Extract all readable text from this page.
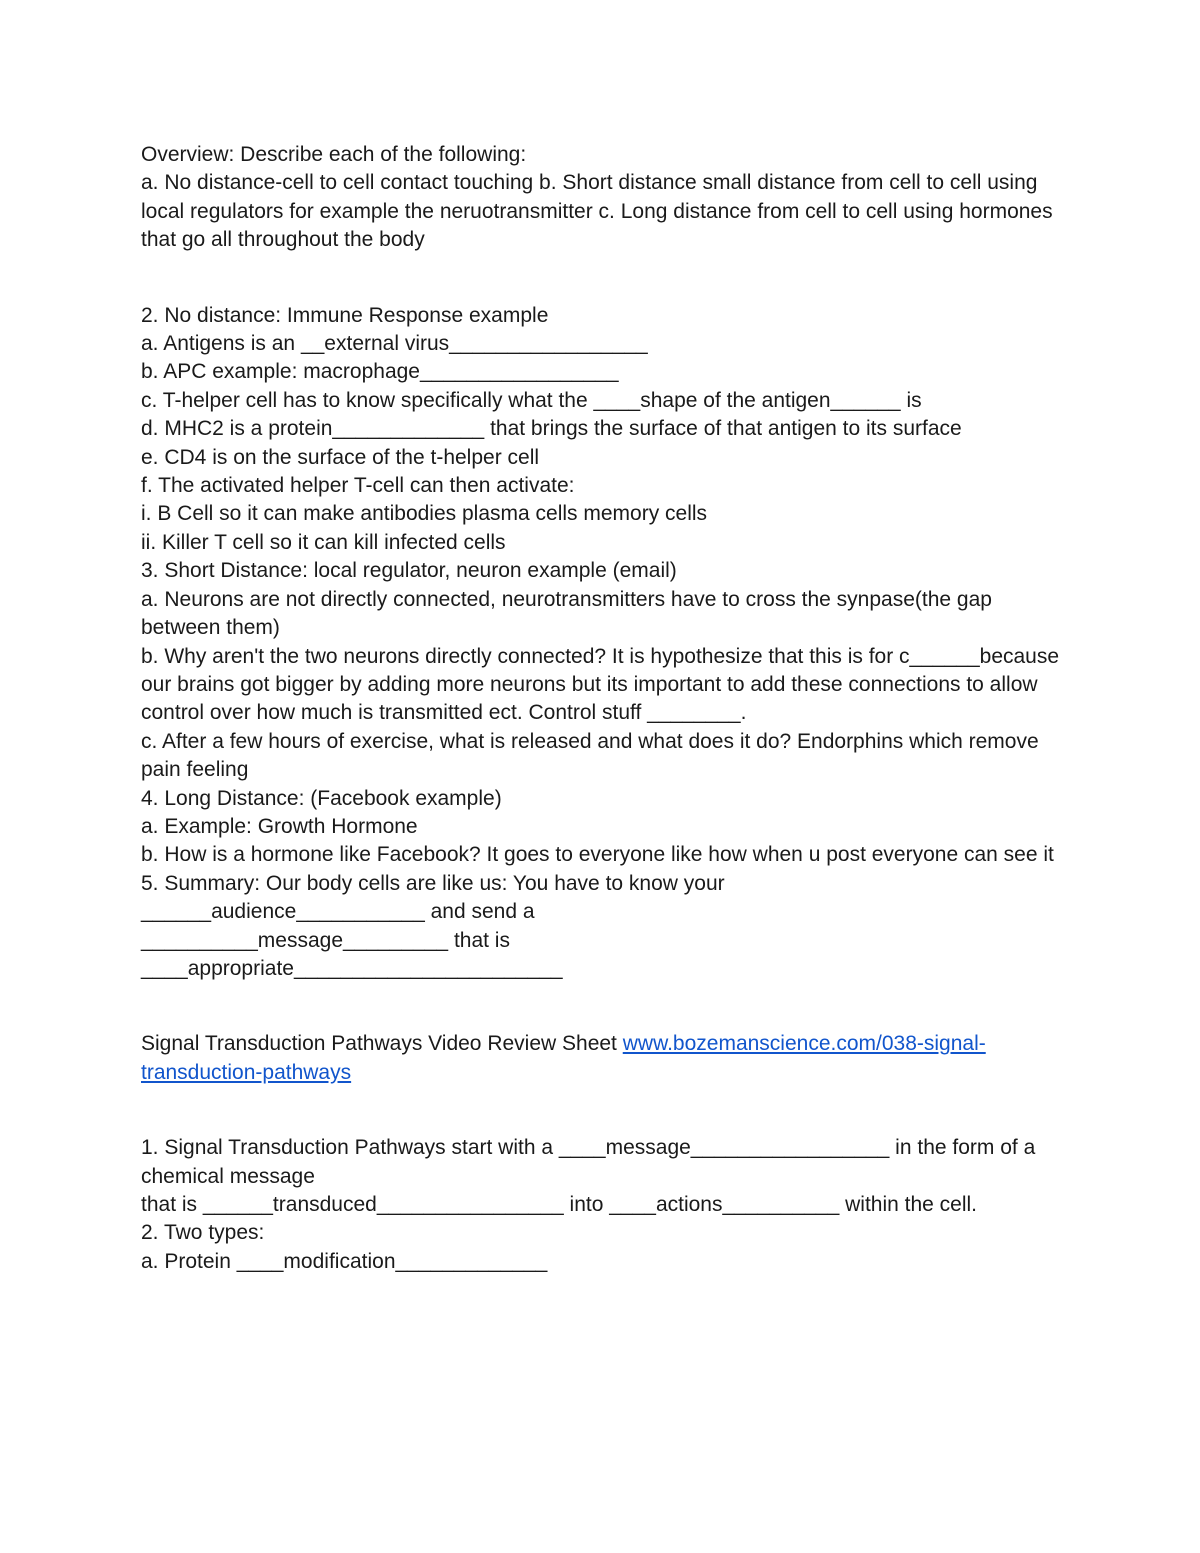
Overview: Describe each of the following:

a. No distance-cell to cell contact touching b. Short distance small distance from cell to cell using local regulators for example the neruotransmitter c. Long distance from cell to cell using hormones that go all throughout the body

2. No distance: Immune Response example

a. Antigens is an __external virus_________________

b. APC example: macrophage_________________

c. T-helper cell has to know specifically what the ____shape of the antigen______ is

d. MHC2 is a protein_____________ that brings the surface of that antigen to its surface

e. CD4 is on the surface of the t-helper cell

f. The activated helper T-cell can then activate:

i. B Cell so it can make antibodies plasma cells memory cells

ii. Killer T cell so it can kill infected cells

3. Short Distance: local regulator, neuron example (email)

a. Neurons are not directly connected, neurotransmitters have to cross the synpase(the gap between them)

b. Why aren't the two neurons directly connected? It is hypothesize that this is for c______because our brains got bigger by adding more neurons but its important to add these connections to allow control over how much is transmitted ect. Control stuff ________.

c. After a few hours of exercise, what is released and what does it do? Endorphins which remove pain feeling

4. Long Distance: (Facebook example)

a. Example: Growth Hormone

b. How is a hormone like Facebook? It goes to everyone like how when u post everyone can see it

5. Summary: Our body cells are like us: You have to know your

______audience___________ and send a

__________message_________ that is

____appropriate_______________________

Signal Transduction Pathways Video Review Sheet www.bozemanscience.com/038-signal-transduction-pathways

1. Signal Transduction Pathways start with a ____message_________________ in the form of a chemical message

that is ______transduced________________ into ____actions__________ within the cell.

2. Two types:

a. Protein ____modification_____________
